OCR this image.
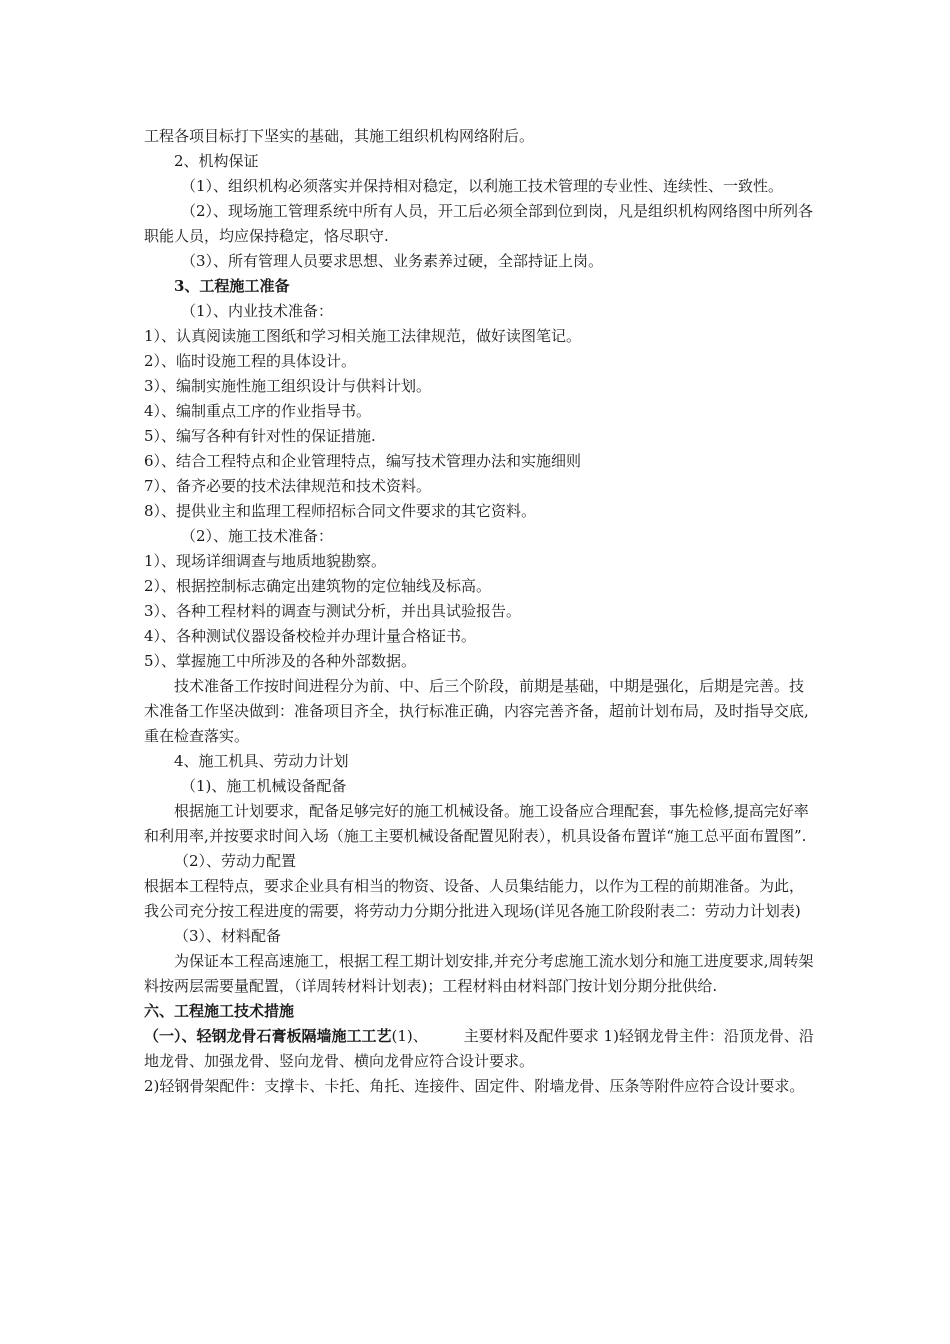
工程各项目标打下坚实的基础，其施工组织机构网络附后。

2、机构保证

（1）、组织机构必须落实并保持相对稳定，以利施工技术管理的专业性、连续性、一致性。

（2）、现场施工管理系统中所有人员，开工后必须全部到位到岗，凡是组织机构网络图中所列各职能人员，均应保持稳定，恪尽职守.

（3）、所有管理人员要求思想、业务素养过硬，全部持证上岗。

3、工程施工准备

（1）、内业技术准备：

1）、认真阅读施工图纸和学习相关施工法律规范，做好读图笔记。

2）、临时设施工程的具体设计。

3）、编制实施性施工组织设计与供料计划。

4）、编制重点工序的作业指导书。

5）、编写各种有针对性的保证措施.

6）、结合工程特点和企业管理特点，编写技术管理办法和实施细则

7）、备齐必要的技术法律规范和技术资料。

8）、提供业主和监理工程师招标合同文件要求的其它资料。

（2）、施工技术准备：

1）、现场详细调查与地质地貌勘察。

2）、根据控制标志确定出建筑物的定位轴线及标高。

3）、各种工程材料的调查与测试分析，并出具试验报告。

4）、各种测试仪器设备校检并办理计量合格证书。

5）、掌握施工中所涉及的各种外部数据。

技术准备工作按时间进程分为前、中、后三个阶段，前期是基础，中期是强化，后期是完善。技术准备工作坚决做到：准备项目齐全，执行标准正确，内容完善齐备，超前计划布局，及时指导交底,重在检查落实。

4、施工机具、劳动力计划

（1)、施工机械设备配备

根据施工计划要求，配备足够完好的施工机械设备。施工设备应合理配套，事先检修,提高完好率和利用率,并按要求时间入场（施工主要机械设备配置见附表），机具设备布置详“施工总平面布置图”.

（2）、劳动力配置

根据本工程特点，要求企业具有相当的物资、设备、人员集结能力，以作为工程的前期准备。为此，我公司充分按工程进度的需要，将劳动力分期分批进入现场(详见各施工阶段附表二：劳动力计划表)

（3）、材料配备

为保证本工程高速施工，根据工程工期计划安排,并充分考虑施工流水划分和施工进度要求,周转架料按两层需要量配置，（详周转材料计划表)；工程材料由材料部门按计划分期分批供给.

六、工程施工技术措施

（一）、轻钢龙骨石膏板隔墙施工工艺(1)、 主要材料及配件要求 1)轻钢龙骨主件：沿顶龙骨、沿地龙骨、加强龙骨、竖向龙骨、横向龙骨应符合设计要求。

2)轻钢骨架配件：支撑卡、卡托、角托、连接件、固定件、附墙龙骨、压条等附件应符合设计要求。
